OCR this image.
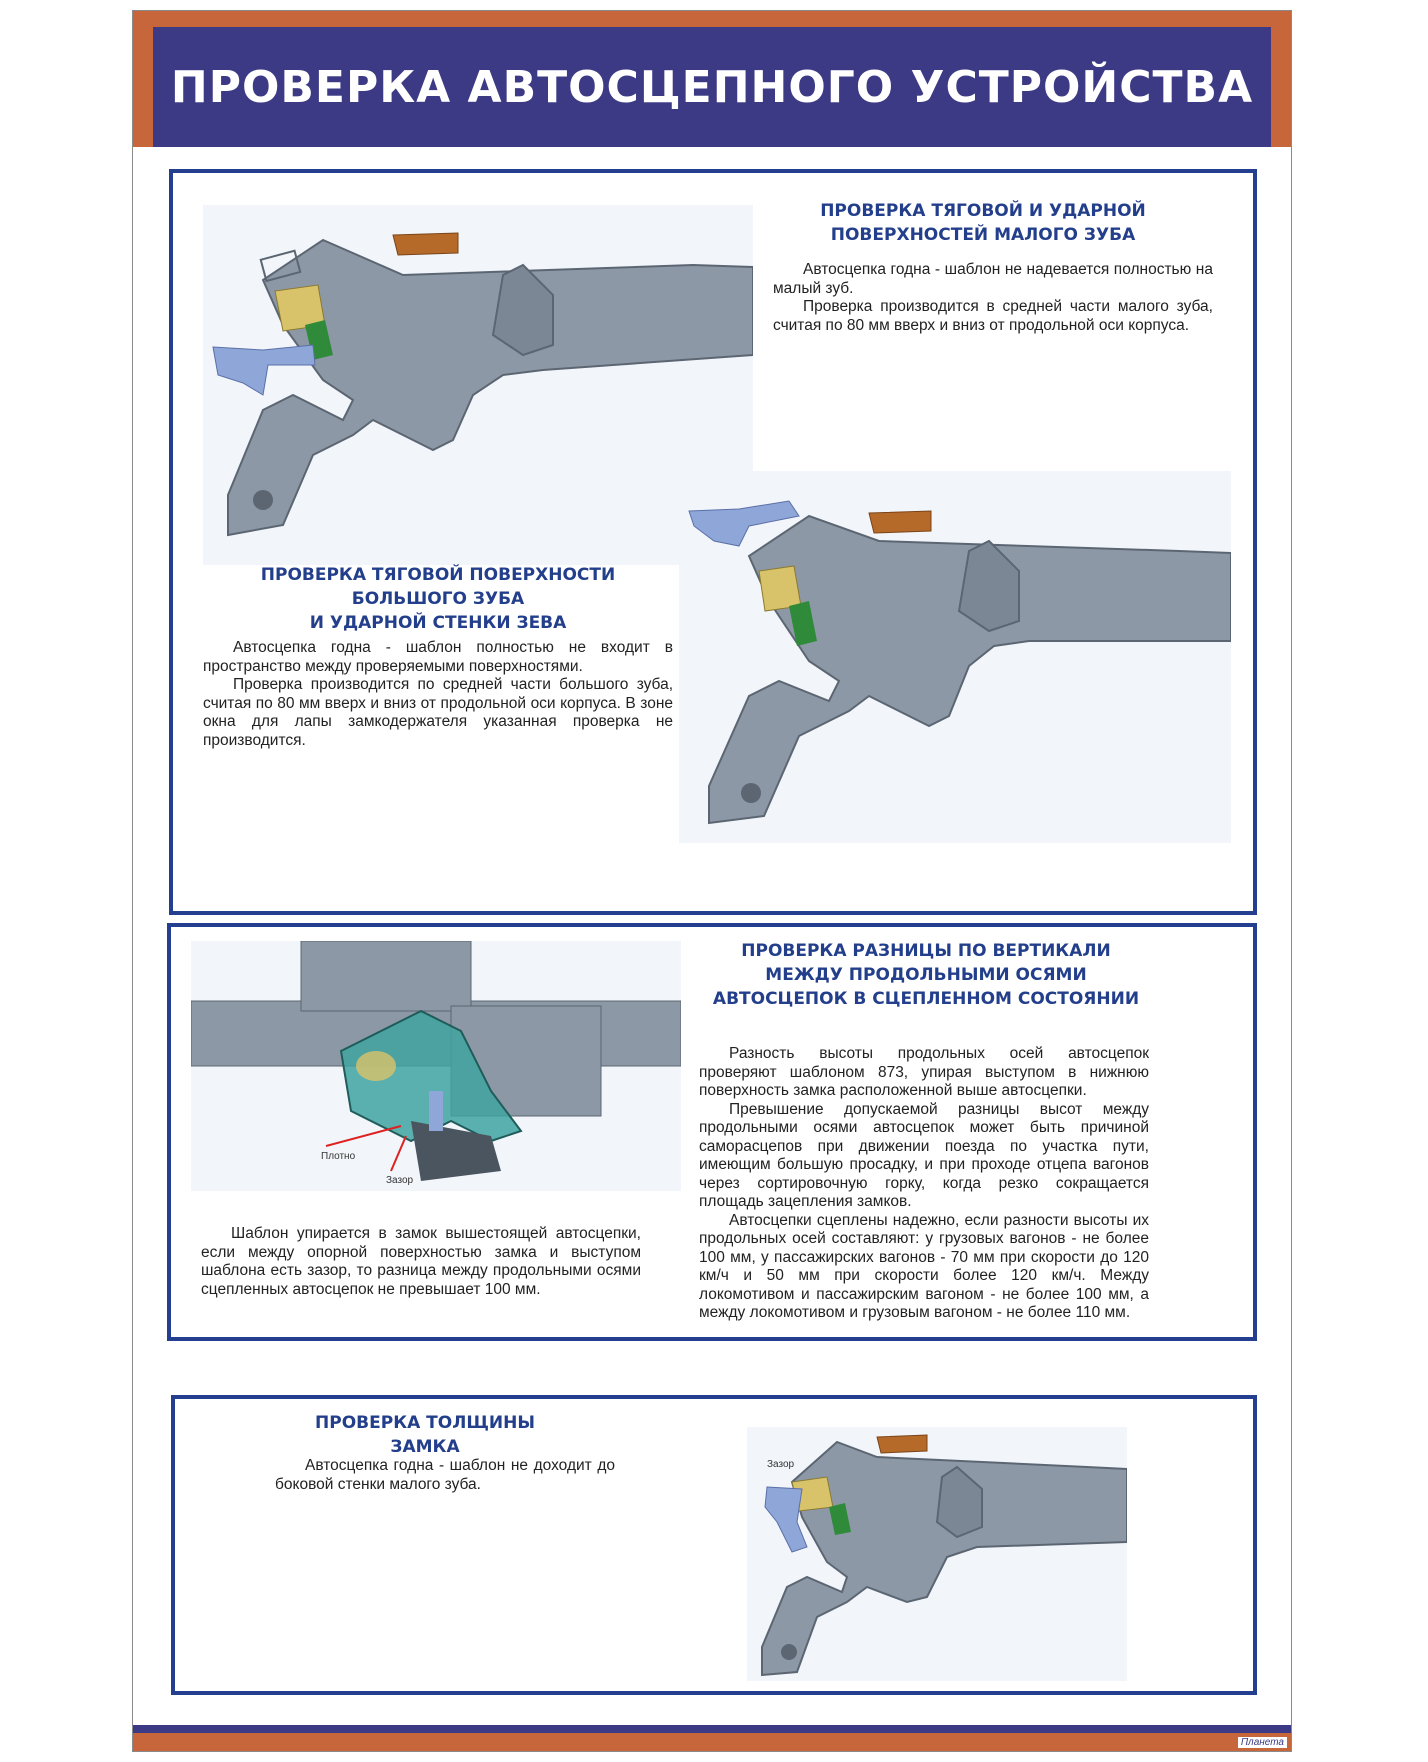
ПРОВЕРКА АВТОСЦЕПНОГО УСТРОЙСТВА
ПРОВЕРКА ТЯГОВОЙ И УДАРНОЙ
ПОВЕРХНОСТЕЙ МАЛОГО ЗУБА

Автосцепка годна - шаблон не надевается полностью на малый зуб.

Проверка производится в средней части малого зуба, считая по 80 мм вверх и вниз от продольной оси корпуса.

ПРОВЕРКА ТЯГОВОЙ ПОВЕРХНОСТИ
БОЛЬШОГО ЗУБА
И УДАРНОЙ СТЕНКИ ЗЕВА

Автосцепка годна - шаблон полностью не входит в пространство между проверяемыми поверхностями.

Проверка производится по средней части большого зуба, считая по 80 мм вверх и вниз от продольной оси корпуса. В зоне окна для лапы замкодержателя указанная проверка не производится.

Плотно
Зазор

Шаблон упирается в замок вышестоящей автосцепки, если между опорной поверхностью замка и выступом шаблона есть зазор, то разница между продольными осями сцепленных автосцепок не превышает 100 мм.

ПРОВЕРКА РАЗНИЦЫ ПО ВЕРТИКАЛИ
МЕЖДУ ПРОДОЛЬНЫМИ ОСЯМИ
АВТОСЦЕПОК В СЦЕПЛЕННОМ СОСТОЯНИИ

Разность высоты продольных осей автосцепок проверяют шаблоном 873, упирая выступом в нижнюю поверхность замка расположенной выше автосцепки.

Превышение допускаемой разницы высот между продольными осями автосцепок может быть причиной саморасцепов при движении поезда по участка пути, имеющим большую просадку, и при проходе отцепа вагонов через сортировочную горку, когда резко сокращается площадь зацепления замков.

Автосцепки сцеплены надежно, если разности высоты их продольных осей составляют: у грузовых вагонов - не более 100 мм, у пассажирских вагонов - 70 мм при скорости до 120 км/ч и 50 мм при скорости более 120 км/ч. Между локомотивом и пассажирским вагоном - не более 100 мм, а между локомотивом и грузовым вагоном - не более 110 мм.

ПРОВЕРКА ТОЛЩИНЫ ЗАМКА

Автосцепка годна - шаблон не доходит до боковой стенки малого зуба.

Зазор
Планета
